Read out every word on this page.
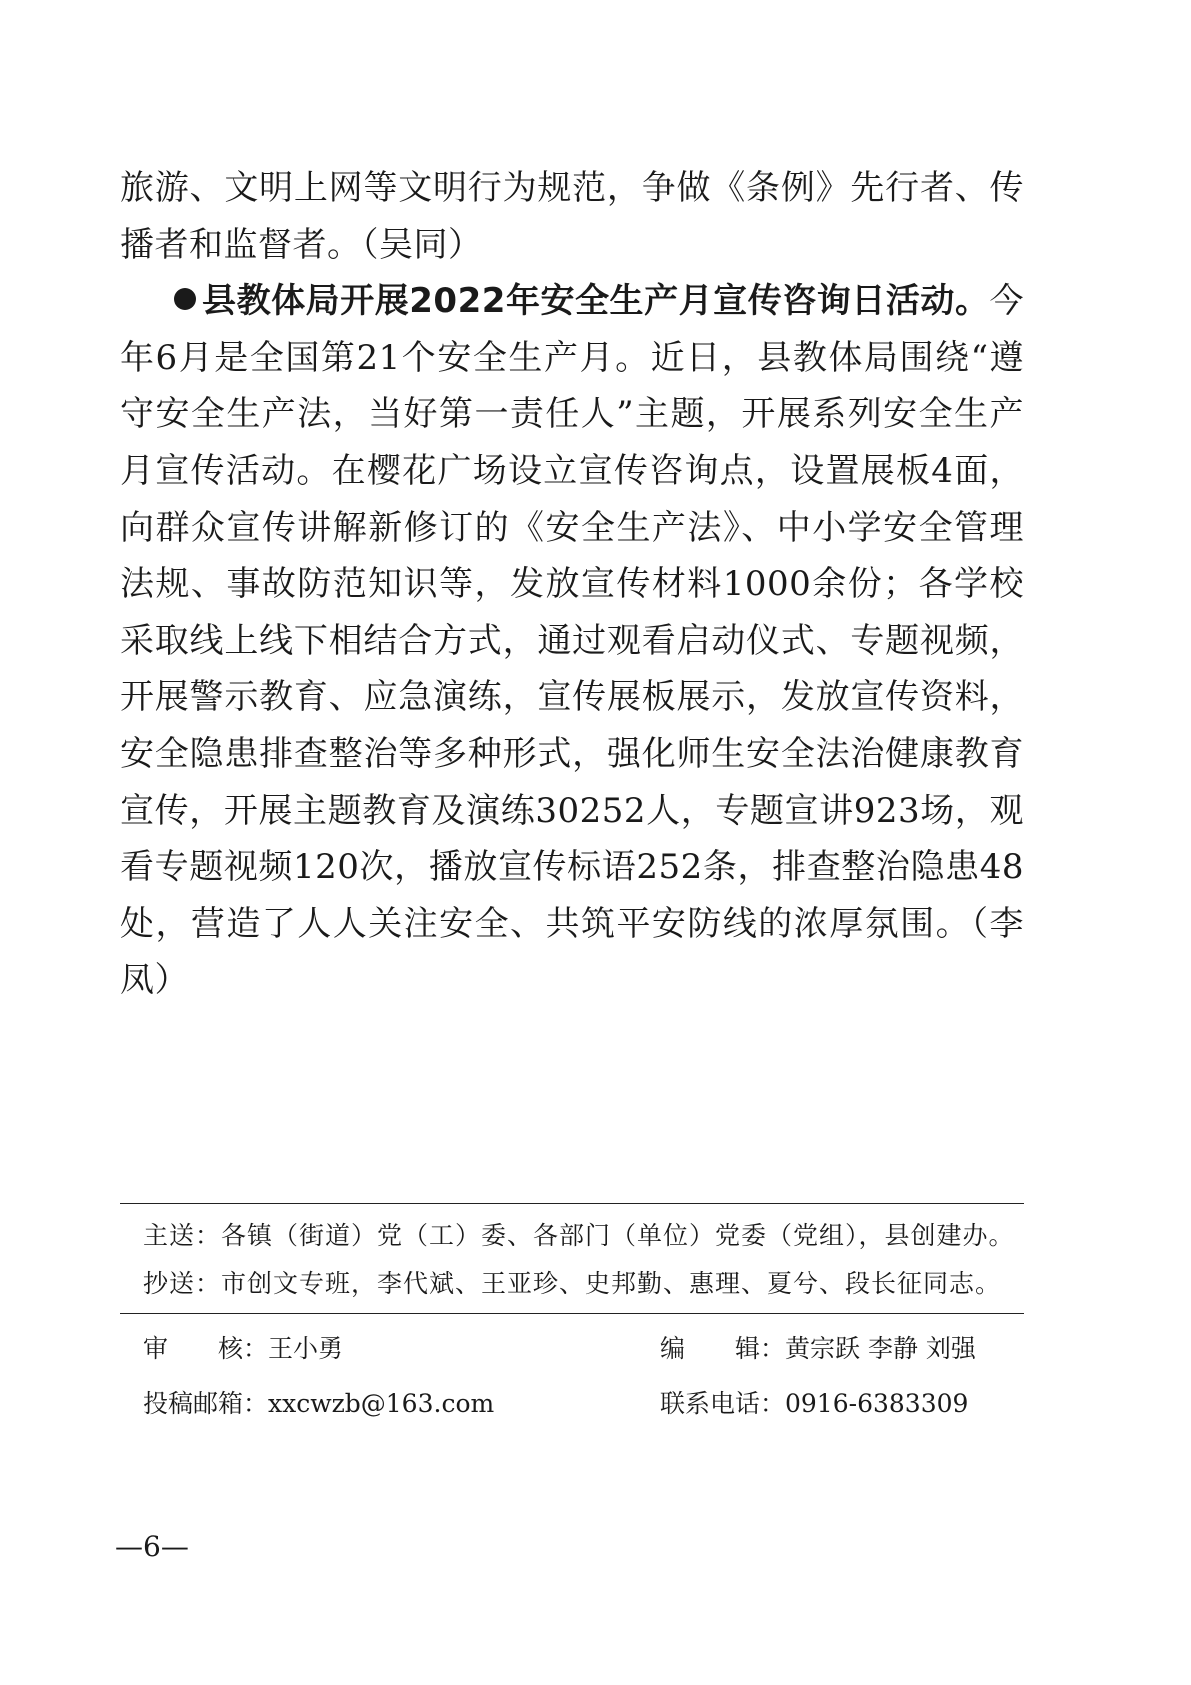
旅游、文明上网等文明行为规范，争做《条例》先行者、传播者和监督者。（吴同）

县教体局开展2022年安全生产月宣传咨询日活动。今年6月是全国第21个安全生产月。近日，县教体局围绕“遵守安全生产法，当好第一责任人”主题，开展系列安全生产月宣传活动。在樱花广场设立宣传咨询点，设置展板4面，向群众宣传讲解新修订的《安全生产法》、中小学安全管理法规、事故防范知识等，发放宣传材料1000余份；各学校采取线上线下相结合方式，通过观看启动仪式、专题视频，开展警示教育、应急演练，宣传展板展示，发放宣传资料，安全隐患排查整治等多种形式，强化师生安全法治健康教育宣传，开展主题教育及演练30252人，专题宣讲923场，观看专题视频120次，播放宣传标语252条，排查整治隐患48处，营造了人人关注安全、共筑平安防线的浓厚氛围。（李凤）

主送：各镇（街道）党（工）委、各部门（单位）党委（党组），县创建办。
抄送：市创文专班，李代斌、王亚珍、史邦勤、惠理、夏兮、段长征同志。
审　　核：王小勇	编　　辑：黄宗跃 李静 刘强
投稿邮箱：xxcwzb@163.com	联系电话：0916-6383309
—6—
